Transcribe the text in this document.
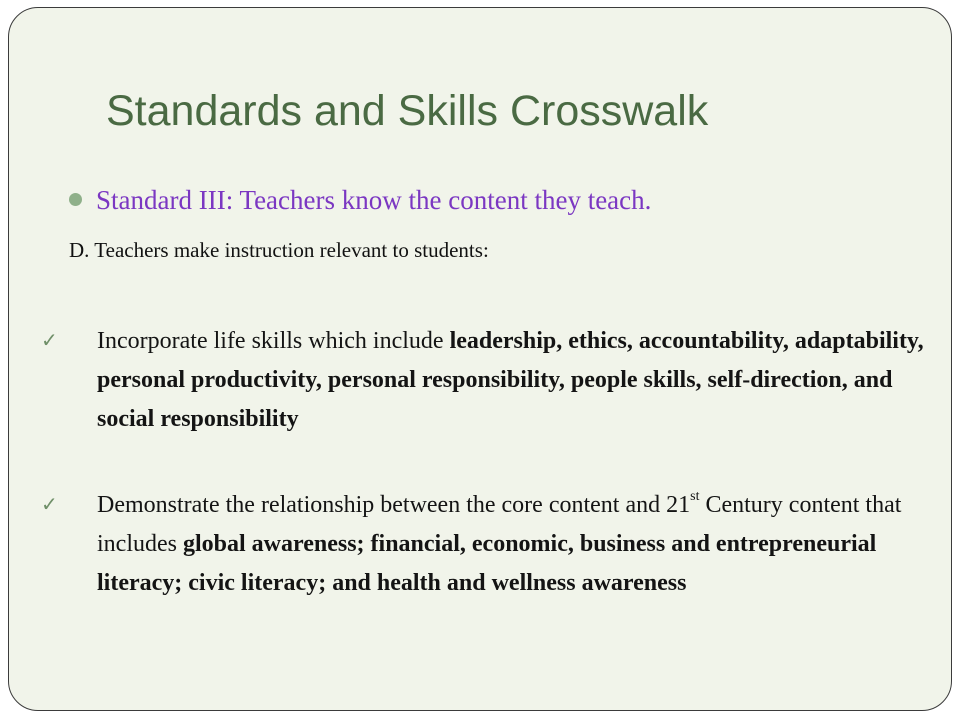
Standards and Skills Crosswalk
Standard III: Teachers know the content they teach.
D. Teachers make instruction relevant to students:
✓ Incorporate life skills which include leadership, ethics, accountability, adaptability, personal productivity, personal responsibility, people skills, self-direction, and social responsibility
✓ Demonstrate the relationship between the core content and 21st Century content that includes global awareness; financial, economic, business and entrepreneurial literacy; civic literacy; and health and wellness awareness
